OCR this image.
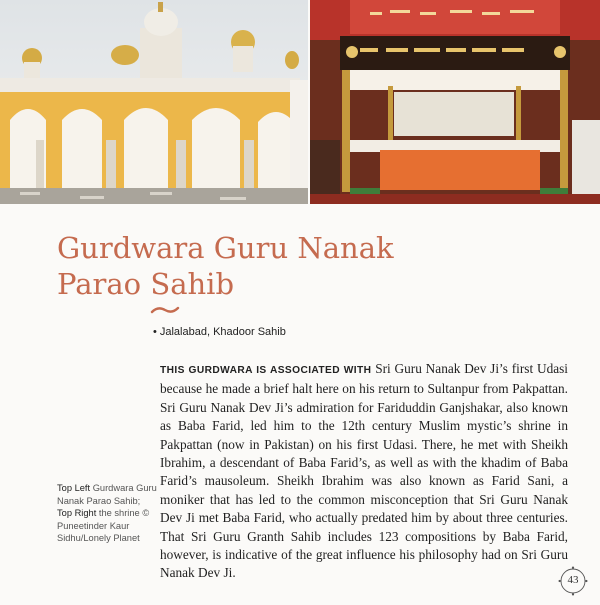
Gurdwara Guru Nanak
Parao Sahib
• Jalalabad, Khadoor Sahib

THIS GURDWARA IS ASSOCIATED WITH Sri Guru Nanak Dev Ji’s first Udasi because he made a brief halt here on his return to Sultanpur from Pakpattan. Sri Guru Nanak Dev Ji’s admiration for Fariduddin Ganjshakar, also known as Baba Farid, led him to the 12th century Muslim mystic’s shrine in Pakpattan (now in Pakistan) on his first Udasi. There, he met with Sheikh Ibrahim, a descendant of Baba Farid’s, as well as with the khadim of Baba Farid’s mausoleum. Sheikh Ibrahim was also known as Farid Sani, a moniker that has led to the common misconception that Sri Guru Nanak Dev Ji met Baba Farid, who actually predated him by about three centuries. That Sri Guru Granth Sahib includes 123 compositions by Baba Farid, however, is indicative of the great influence his philosophy had on Sri Guru Nanak Dev Ji.

Top Left Gurdwara Guru Nanak Parao Sahib; Top Right the shrine © Puneetinder Kaur Sidhu/Lonely Planet
43
